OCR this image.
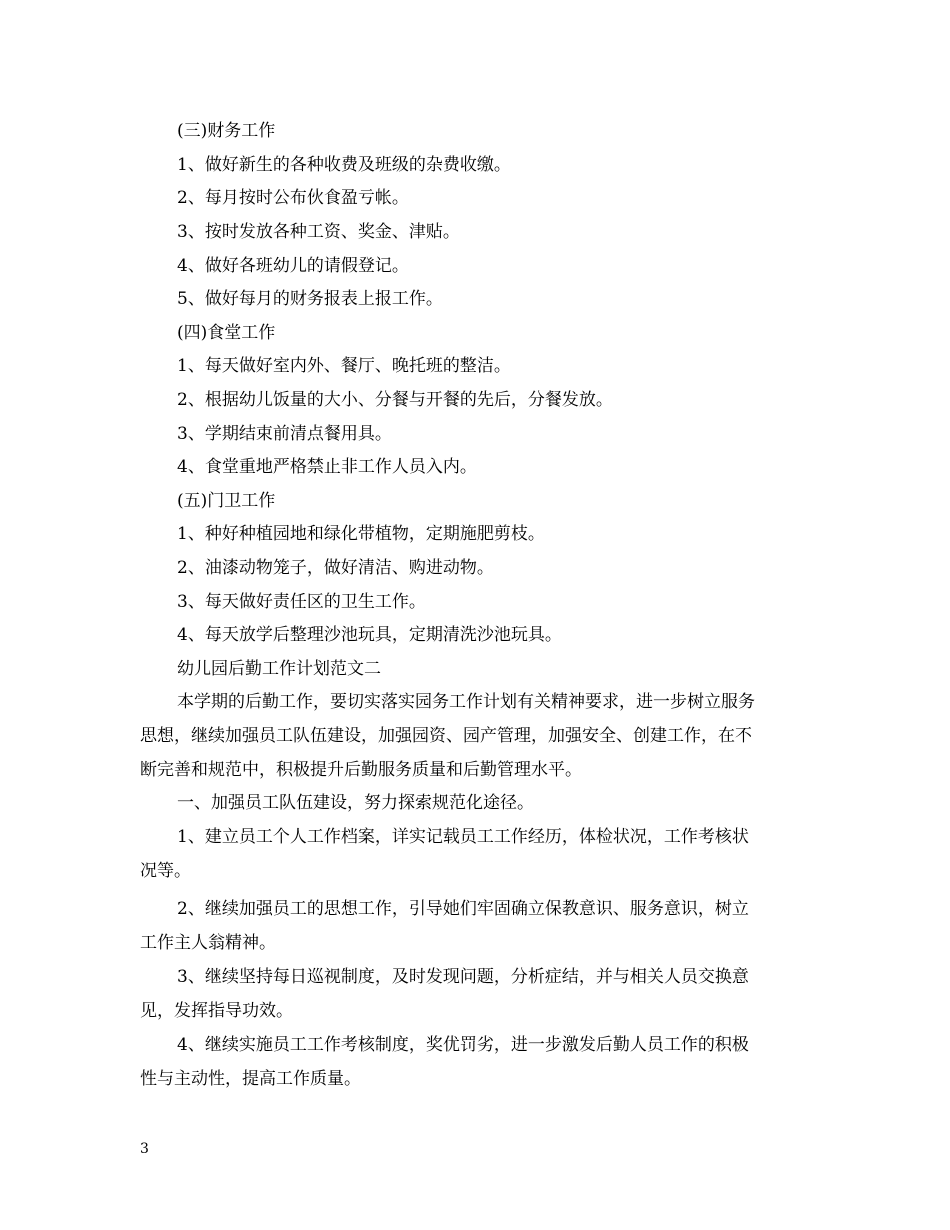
(三)财务工作
1、做好新生的各种收费及班级的杂费收缴。
2、每月按时公布伙食盈亏帐。
3、按时发放各种工资、奖金、津贴。
4、做好各班幼儿的请假登记。
5、做好每月的财务报表上报工作。
(四)食堂工作
1、每天做好室内外、餐厅、晚托班的整洁。
2、根据幼儿饭量的大小、分餐与开餐的先后，分餐发放。
3、学期结束前清点餐用具。
4、食堂重地严格禁止非工作人员入内。
(五)门卫工作
1、种好种植园地和绿化带植物，定期施肥剪枝。
2、油漆动物笼子，做好清洁、购进动物。
3、每天做好责任区的卫生工作。
4、每天放学后整理沙池玩具，定期清洗沙池玩具。
幼儿园后勤工作计划范文二
本学期的后勤工作，要切实落实园务工作计划有关精神要求，进一步树立服务
思想，继续加强员工队伍建设，加强园资、园产管理，加强安全、创建工作，在不
断完善和规范中，积极提升后勤服务质量和后勤管理水平。
一、加强员工队伍建设，努力探索规范化途径。
1、建立员工个人工作档案，详实记载员工工作经历，体检状况，工作考核状
况等。
2、继续加强员工的思想工作，引导她们牢固确立保教意识、服务意识，树立
工作主人翁精神。
3、继续坚持每日巡视制度，及时发现问题，分析症结，并与相关人员交换意
见，发挥指导功效。
4、继续实施员工工作考核制度，奖优罚劣，进一步激发后勤人员工作的积极
性与主动性，提高工作质量。
3
